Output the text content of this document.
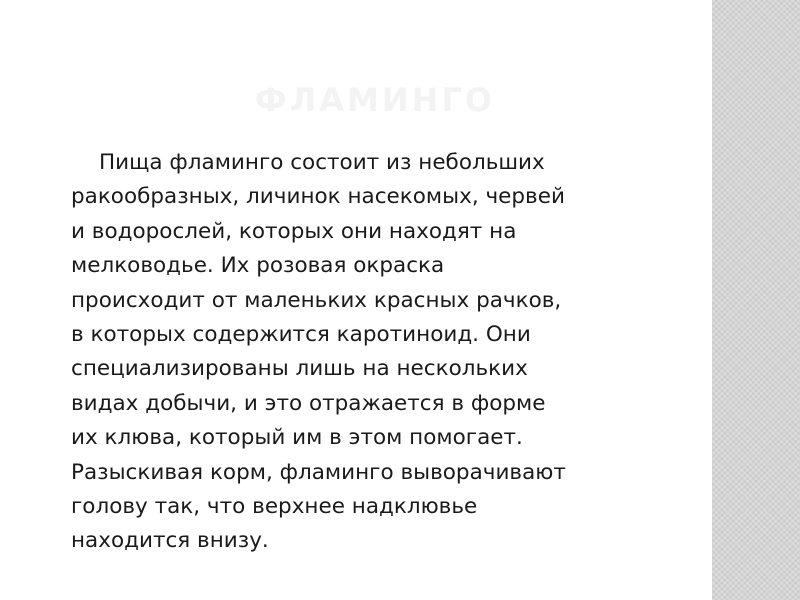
ФЛАМИНГО

Пища фламинго состоит из небольших
ракообразных, личинок насекомых, червей
и водорослей, которых они находят на
мелководье. Их розовая окраска
происходит от маленьких красных рачков,
в которых содержится каротиноид. Они
специализированы лишь на нескольких
видах добычи, и это отражается в форме
их клюва, который им в этом помогает.
Разыскивая корм, фламинго выворачивают
голову так, что верхнее надклювье
находится внизу.
